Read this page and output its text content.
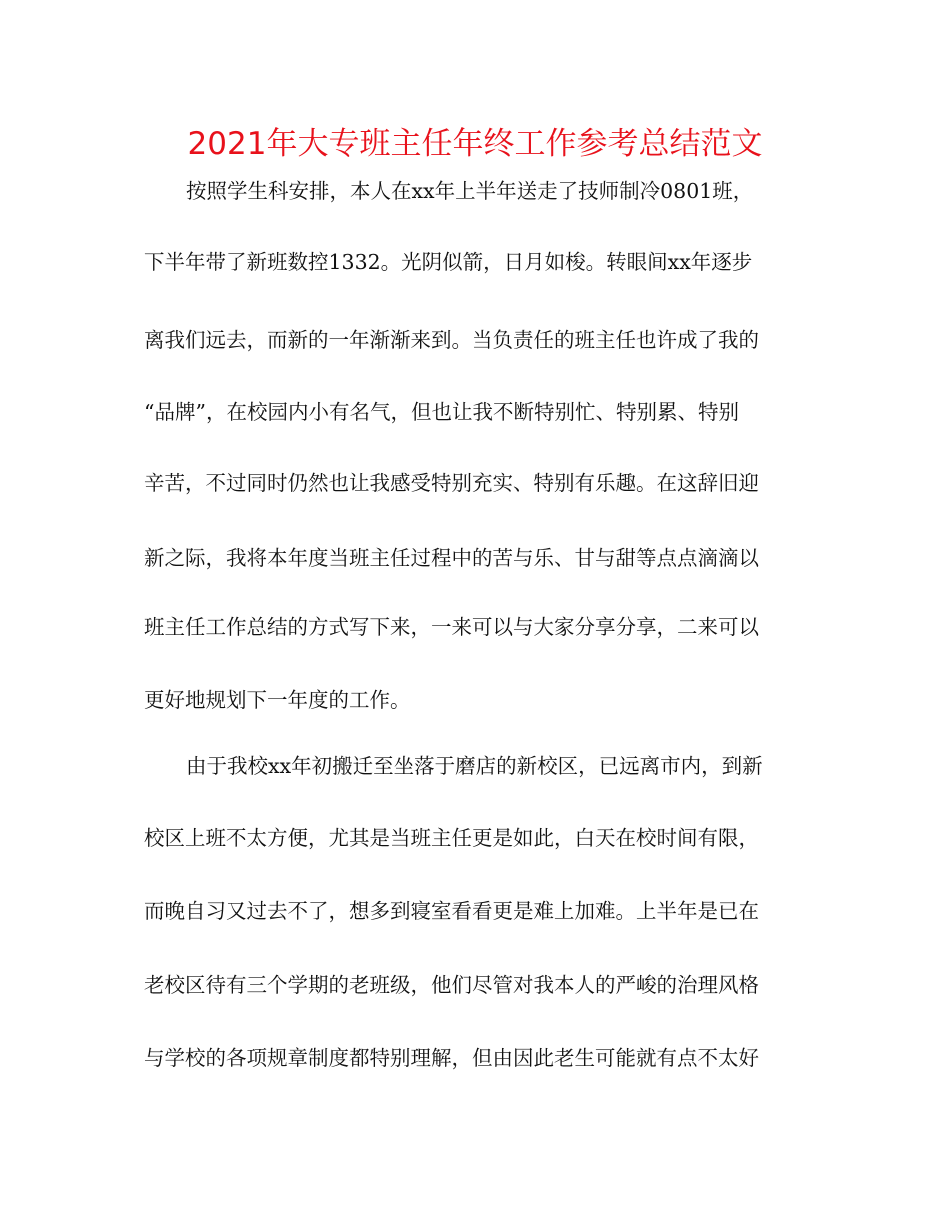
2021年大专班主任年终工作参考总结范文

按照学生科安排，本人在xx年上半年送走了技师制冷0801班，

下半年带了新班数控1332。光阴似箭，日月如梭。转眼间xx年逐步

离我们远去，而新的一年渐渐来到。当负责任的班主任也许成了我的

“品牌”，在校园内小有名气，但也让我不断特别忙、特别累、特别

辛苦，不过同时仍然也让我感受特别充实、特别有乐趣。在这辞旧迎

新之际，我将本年度当班主任过程中的苦与乐、甘与甜等点点滴滴以

班主任工作总结的方式写下来，一来可以与大家分享分享，二来可以

更好地规划下一年度的工作。

由于我校xx年初搬迁至坐落于磨店的新校区，已远离市内，到新

校区上班不太方便，尤其是当班主任更是如此，白天在校时间有限，

而晚自习又过去不了，想多到寝室看看更是难上加难。上半年是已在

老校区待有三个学期的老班级，他们尽管对我本人的严峻的治理风格

与学校的各项规章制度都特别理解，但由因此老生可能就有点不太好
